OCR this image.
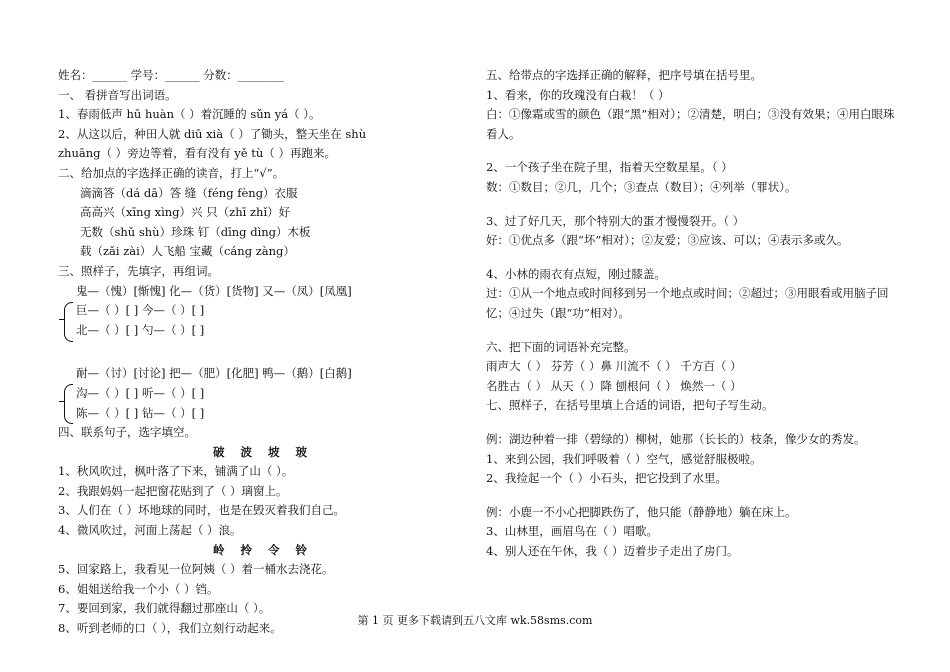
姓名：______ 学号：______ 分数：________
一、 看拼音写出词语。
1、春雨低声 hū huàn（ ）着沉睡的 sǔn yá（ ）。
2、从这以后，种田人就 diū xià（ ）了锄头，整天坐在 shù
zhuāng（ ）旁边等着，看有没有 yě tù（ ）再跑来。
二、给加点的字选择正确的读音，打上“√”。
滴滴答（dá dā）答 缝（féng fèng）衣服
高高兴（xīng xìng）兴 只（zhī zhǐ）好
无数（shǔ shù）珍珠 钉（dīng dìng）木板
载（zǎi zài）人飞船 宝藏（cáng zàng）
三、照样子，先填字，再组词。
鬼—（愧）[惭愧] 化—（货）[货物] 又—（凤）[凤凰]
巨—（ ）[ ] 今—（ ）[ ]
北—（ ）[ ] 勺—（ ）[ ]
耐—（讨）[讨论] 把—（肥）[化肥] 鸭—（鹅）[白鹅]
沟—（ ）[ ] 听—（ ）[ ]
陈—（ ）[ ] 钻—（ ）[ ]
四、联系句子，选字填空。
破 波 坡 玻
1、秋风吹过，枫叶落了下来，铺满了山（ ）。
2、我跟妈妈一起把窗花贴到了（ ）璃窗上。
3、人们在（ ）坏地球的同时，也是在毁灭着我们自己。
4、微风吹过，河面上荡起（ ）浪。
岭 拎 令 铃
5、回家路上，我看见一位阿姨（ ）着一桶水去浇花。
6、姐姐送给我一个小（ ）铛。
7、要回到家，我们就得翻过那座山（ ）。
8、听到老师的口（ ），我们立刻行动起来。
五、给带点的字选择正确的解释，把序号填在括号里。
1、看来，你的玫瑰没有白栽！（ ）
白：①像霜或雪的颜色（跟“黑”相对）；②清楚，明白；③没有效果；④用白眼珠看人。
2、一个孩子坐在院子里，指着天空数星星。（ ）
数：①数目；②几，几个；③查点（数目）；④列举（罪状）。
3、过了好几天，那个特别大的蛋才慢慢裂开。（ ）
好：①优点多（跟“坏”相对）；②友爱；③应该、可以；④表示多或久。
4、小林的雨衣有点短，刚过膝盖。
过：①从一个地点或时间移到另一个地点或时间；②超过；③用眼看或用脑子回忆；④过失（跟“功”相对）。
六、把下面的词语补充完整。
雨声大（ ） 芬芳（ ）鼻 川流不（ ） 千方百（ ）
名胜古（ ） 从天（ ）降 刨根问（ ） 焕然一（ ）
七、照样子，在括号里填上合适的词语，把句子写生动。
例：湖边种着一排（碧绿的）柳树，她那（长长的）枝条，像少女的秀发。
1、来到公园，我们呼吸着（ ）空气，感觉舒服极啦。
2、我捡起一个（ ）小石头，把它投到了水里。
例：小鹿一不小心把脚跌伤了，他只能（静静地）躺在床上。
3、山林里，画眉鸟在（ ）唱歌。
4、别人还在午休，我（ ）迈着步子走出了房门。
第 1 页 更多下载请到五八文库 wk.58sms.com
